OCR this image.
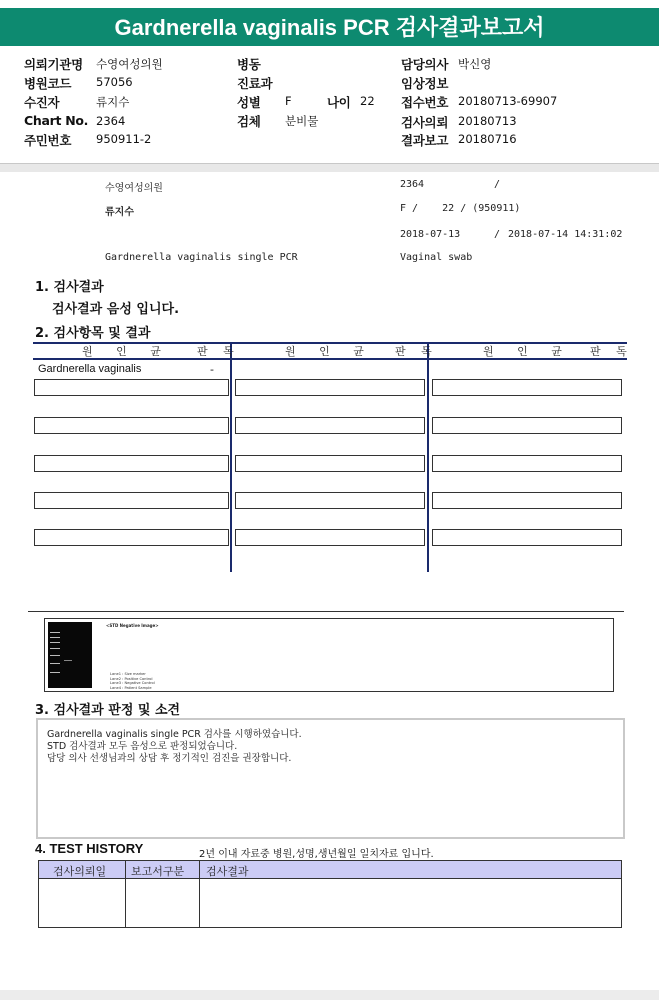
Gardnerella vaginalis PCR 검사결과보고서
의뢰기관명 수영여성의원
병원코드 57056
수진자	류지수
Chart No. 2364
주민번호 950911-2
병동
진료과
성별 F	나이 22
검체 분비물
담당의사 박신영
임상정보
접수번호 20180713-69907
검사의뢰 20180713
결과보고 20180716
수영여성의원	2364	/
류지수	F /    22 / (950911)
2018-07-13	/ 2018-07-14 14:31:02
Gardnerella vaginalis single PCR	Vaginal swab
1. 검사결과
검사결과 음성 입니다.
2. 검사항목 및 결과
원 인 균 판 독	원 인 균 판 독	원 인 균 판 독
Gardnerella vaginalis	-
<STD Negative Image>
Lane1 : Size marker
Lane2 : Positive Control
Lane3 : Negative Control
Lane4 : Patient Sample
3. 검사결과 판정 및 소견
Gardnerella vaginalis single PCR 검사를 시행하였습니다.
STD 검사결과 모두 음성으로 판정되었습니다.
담당 의사 선생님과의 상담 후 정기적인 검진을 권장합니다.
4. TEST HISTORY	2년 이내 자료중 병원,성명,생년월일 일치자료 입니다.
검사의뢰일 보고서구분 검사결과
